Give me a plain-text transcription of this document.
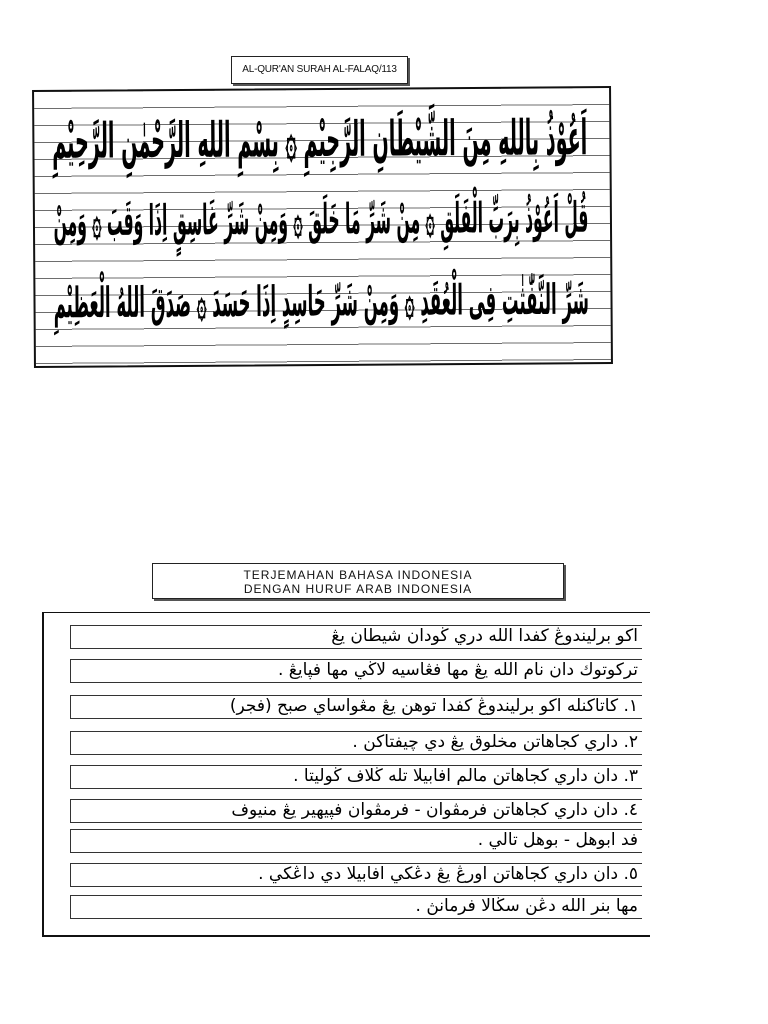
AL-QUR'AN SURAH AL-FALAQ/113
اَعُوْذُ بِاللهِ مِنَ الشَّيْطَانِ الرَّجِيْمِ ۞ بِسْمِ اللهِ الرَّحْمٰنِ الرَّحِيْمِ
قُلْ اَعُوْذُ بِرَبِّ الْفَلَقِ ۞ مِنْ شَرِّ مَا خَلَقَ ۞ وَمِنْ شَرِّ غَاسِقٍ اِذَا وَقَبَ ۞ وَمِنْ
شَرِّ النَّفّٰثٰتِ فِى الْعُقَدِ ۞ وَمِنْ شَرِّ حَاسِدٍ اِذَا حَسَدَ ۞ صَدَقَ اللهُ الْعَظِيْمِ
TERJEMAHAN BAHASA INDONESIA
DENGAN HURUF ARAB INDONESIA
اكو برليندوڠ كفدا الله دري ڬودان شيطان يڠ
تركوتوك دان نام الله يڠ مها فڠاسيه لاڬي مها فڽايڠ .
١. كاتاكنله اكو برليندوڠ كفدا توهن يڠ مڠواساي صبح (فجر)
٢. داري كجاهاتن مخلوق يڠ دي چيفتاكن .
٣. دان داري كجاهاتن مالم افابيلا تله ڬلاف ڬوليتا .
٤. دان داري كجاهاتن فرمڤوان - فرمڤوان فڽيهير يڠ منيوف
فد ابوهل - بوهل تالي .
٥. دان داري كجاهاتن اورڠ يڠ دڠكي افابيلا دي داڠكي .
مها بنر الله دڠن سڬالا فرمانڽ .
